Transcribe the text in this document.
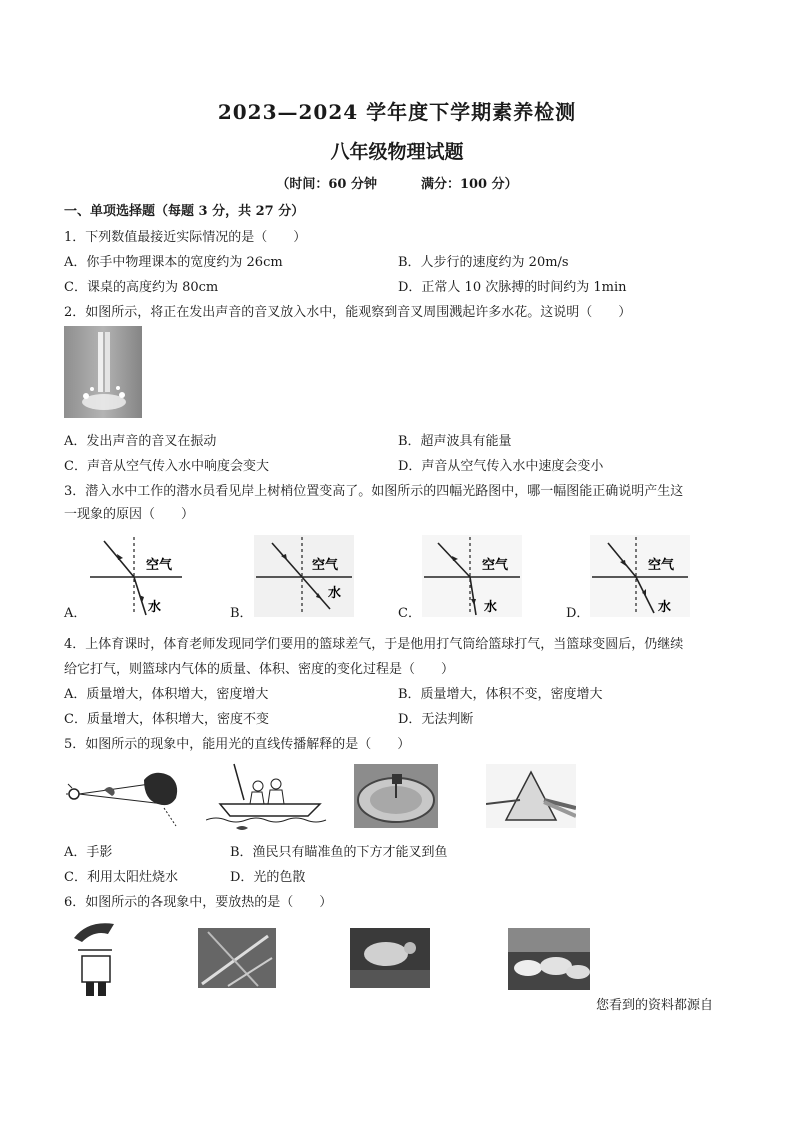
2023—2024 学年度下学期素养检测
八年级物理试题
（时间：60 分钟	满分：100 分）
一、单项选择题（每题 3 分，共 27 分）
1．下列数值最接近实际情况的是（　　）
A．你手中物理课本的宽度约为 26cm	B．人步行的速度约为 20m/s
C．课桌的高度约为 80cm	D．正常人 10 次脉搏的时间约为 1min
2．如图所示，将正在发出声音的音叉放入水中，能观察到音叉周围溅起许多水花。这说明（　　）
A．发出声音的音叉在振动	B．超声波具有能量
C．声音从空气传入水中响度会变大	D．声音从空气传入水中速度会变小
3．潜入水中工作的潜水员看见岸上树梢位置变高了。如图所示的四幅光路图中，哪一幅图能正确说明产生这
一现象的原因（　　）
A．
空气
水	B．
空气
水
C．
空气
水	D．
空气
水
4．上体育课时，体育老师发现同学们要用的篮球差气，于是他用打气筒给篮球打气，当篮球变圆后，仍继续
给它打气，则篮球内气体的质量、体积、密度的变化过程是（　　）
A．质量增大，体积增大，密度增大	B．质量增大，体积不变，密度增大
C．质量增大，体积增大，密度不变	D．无法判断
5．如图所示的现象中，能用光的直线传播解释的是（　　）
A．手影	B．渔民只有瞄准鱼的下方才能叉到鱼
C．利用太阳灶烧水	D．光的色散
6．如图所示的各现象中，要放热的是（　　）
您看到的资料都源自
